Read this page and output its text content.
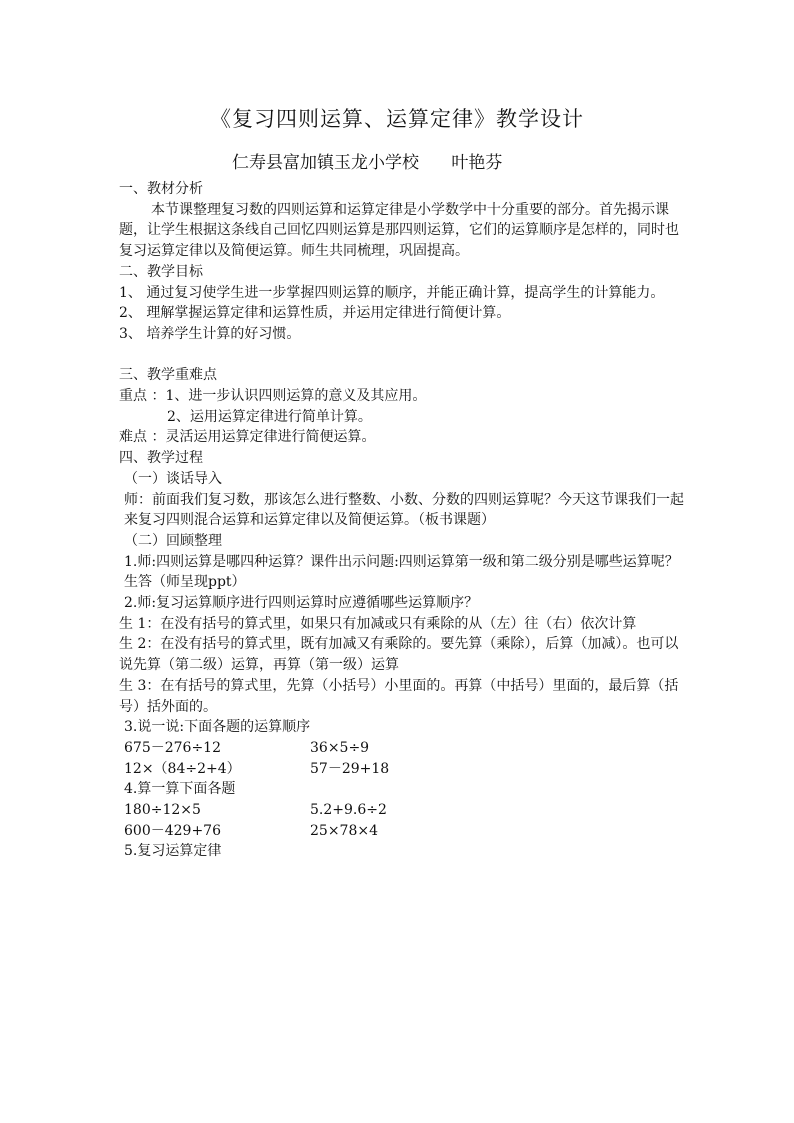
《复习四则运算、运算定律》教学设计
仁寿县富加镇玉龙小学校      叶艳芬

一、教材分析

本节课整理复习数的四则运算和运算定律是小学数学中十分重要的部分。首先揭示课题，让学生根据这条线自己回忆四则运算是那四则运算，它们的运算顺序是怎样的，同时也复习运算定律以及简便运算。师生共同梳理，巩固提高。

二、教学目标

1、 通过复习使学生进一步掌握四则运算的顺序，并能正确计算，提高学生的计算能力。

2、 理解掌握运算定律和运算性质，并运用定律进行简便计算。

3、 培养学生计算的好习惯。

三、教学重难点

重点 ：1、进一步认识四则运算的意义及其应用。

2、运用运算定律进行简单计算。

难点 ：灵活运用运算定律进行简便运算。

四、教学过程

（一）谈话导入

师：前面我们复习数，那该怎么进行整数、小数、分数的四则运算呢？今天这节课我们一起来复习四则混合运算和运算定律以及简便运算。（板书课题）

（二）回顾整理

1.师:四则运算是哪四种运算？课件出示问题:四则运算第一级和第二级分别是哪些运算呢？

生答（师呈现ppt）

2.师:复习运算顺序进行四则运算时应遵循哪些运算顺序？

生 1：在没有括号的算式里，如果只有加减或只有乘除的从（左）往（右）依次计算

生 2：在没有括号的算式里，既有加减又有乘除的。要先算（乘除），后算（加减）。也可以说先算（第二级）运算，再算（第一级）运算

生 3：在有括号的算式里，先算（小括号）小里面的。再算（中括号）里面的，最后算（括号）括外面的。

3.说一说:下面各题的运算顺序

675－276÷12	36×5÷9
12×（84÷2+4）	57－29+18

4.算一算下面各题

180÷12×5	5.2+9.6÷2
600－429+76	25×78×4

5.复习运算定律
